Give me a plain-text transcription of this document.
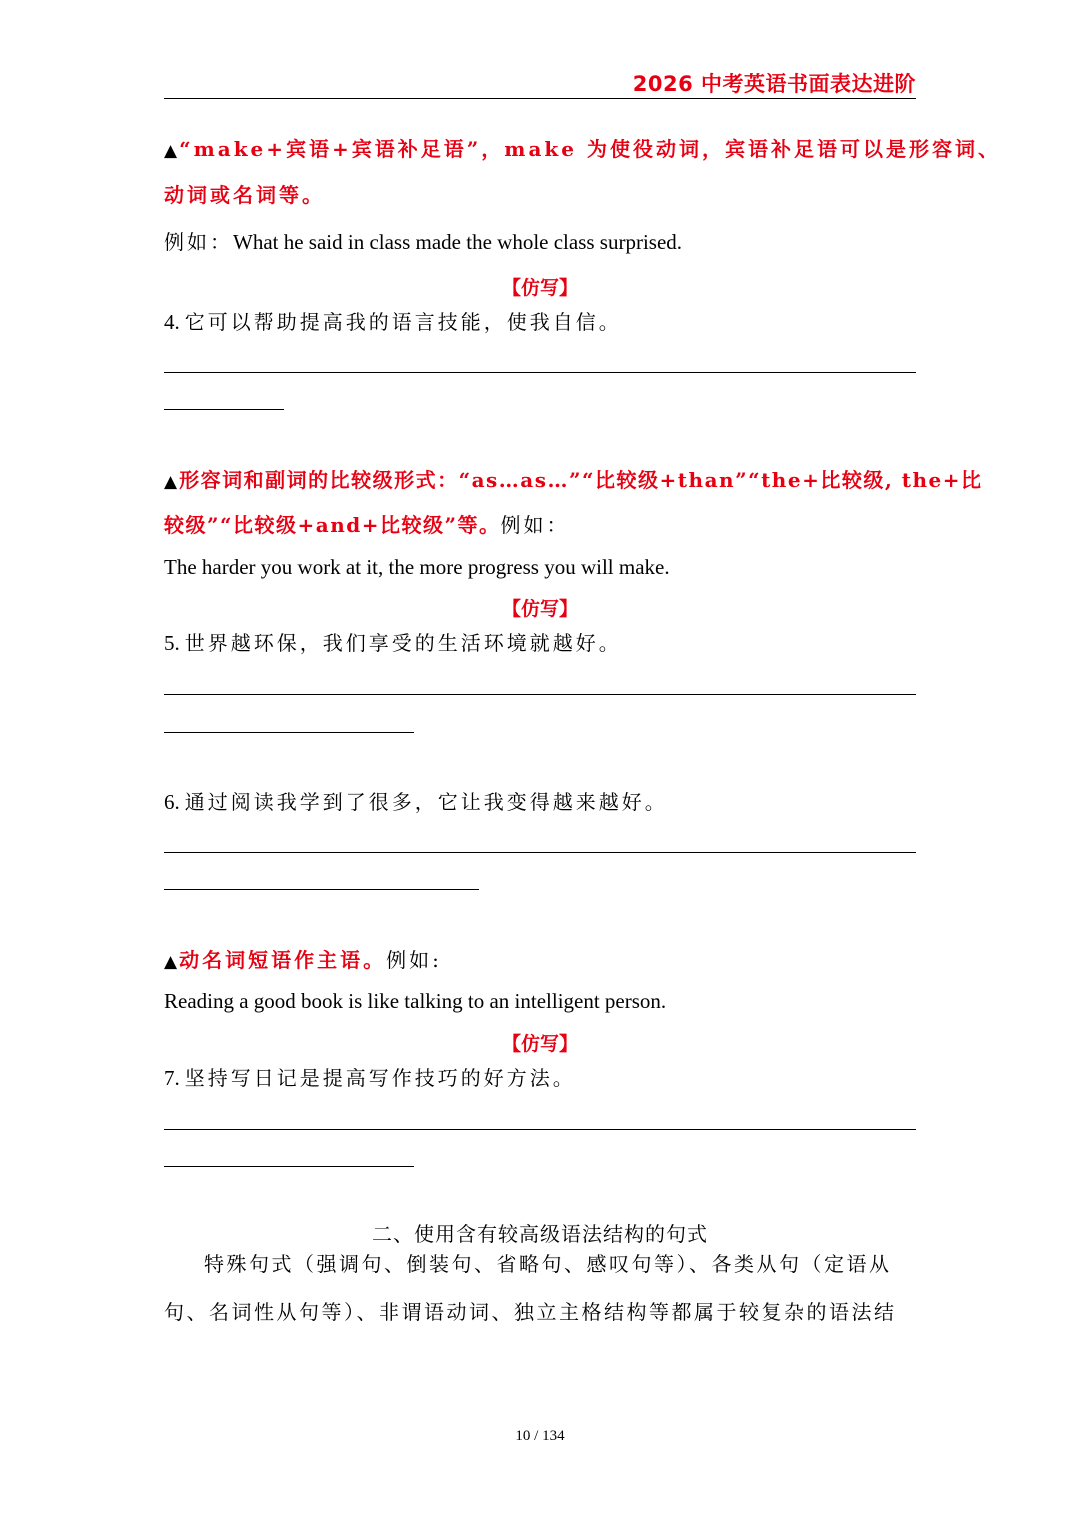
2026 中考英语书面表达进阶
▲ “make+宾语+宾语补足语”，make 为使役动词，宾语补足语可以是形容词、
动词或名词等。
例如：What he said in class made the whole class surprised.
【仿写】
4. 它可以帮助提高我的语言技能，使我自信。
▲ 形容词和副词的比较级形式：“as…as…”“比较级+than”“the+比较级, the+比
较级”“比较级+and+比较级”等。例如：
The harder you work at it, the more progress you will make.
【仿写】
5. 世界越环保，我们享受的生活环境就越好。
6. 通过阅读我学到了很多，它让我变得越来越好。
▲ 动名词短语作主语。例如:
Reading a good book is like talking to an intelligent person.
【仿写】
7. 坚持写日记是提高写作技巧的好方法。
二、使用含有较高级语法结构的句式
特殊句式（强调句、倒装句、省略句、感叹句等）、各类从句（定语从
句、名词性从句等）、非谓语动词、独立主格结构等都属于较复杂的语法结
10 / 134
